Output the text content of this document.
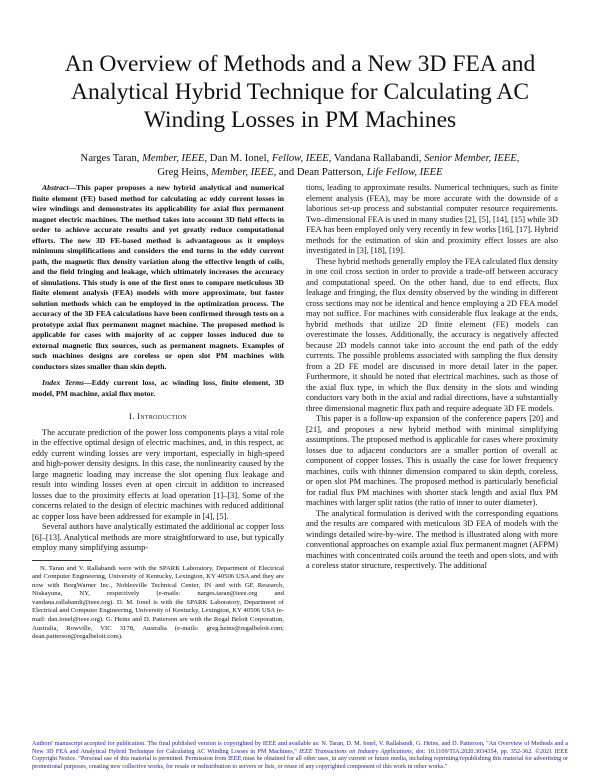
An Overview of Methods and a New 3D FEA and Analytical Hybrid Technique for Calculating AC Winding Losses in PM Machines
Narges Taran, Member, IEEE, Dan M. Ionel, Fellow, IEEE, Vandana Rallabandi, Senior Member, IEEE,
Greg Heins, Member, IEEE, and Dean Patterson, Life Fellow, IEEE

Abstract—This paper proposes a new hybrid analytical and numerical finite element (FE) based method for calculating ac eddy current losses in wire windings and demonstrates its applicability for axial flux permanent magnet electric machines. The method takes into account 3D field effects in order to achieve accurate results and yet greatly reduce computational efforts. The new 3D FE-based method is advantageous as it employs minimum simplifications and considers the end turns in the eddy current path, the magnetic flux density variation along the effective length of coils, and the field fringing and leakage, which ultimately increases the accuracy of simulations. This study is one of the first ones to compare meticulous 3D finite element analysis (FEA) models with more approximate, but faster solution methods which can be employed in the optimization process. The accuracy of the 3D FEA calculations have been confirmed through tests on a prototype axial flux permanent magnet machine. The proposed method is applicable for cases with majority of ac copper losses induced due to external magnetic flux sources, such as permanent magnets. Examples of such machines designs are coreless or open slot PM machines with conductors sizes smaller than skin depth.

Index Terms—Eddy current loss, ac winding loss, finite element, 3D model, PM machine, axial flux motor.

I. Introduction

The accurate prediction of the power loss components plays a vital role in the effective optimal design of electric machines, and, in this respect, ac eddy current winding losses are very important, especially in high-speed and high-power density designs. In this case, the nonlinearity caused by the large magnetic loading may increase the slot opening flux leakage and result into winding losses even at open circuit in addition to increased losses due to the proximity effects at load operation [1]–[3]. Some of the concerns related to the design of electric machines with reduced additional ac copper loss have been addressed for example in [4], [5].

Several authors have analytically estimated the additional ac copper loss [6]–[13]. Analytical methods are more straightforward to use, but typically employ many simplifying assump-

N. Taran and V. Rallabandi were with the SPARK Laboratory, Department of Electrical and Computer Engineering, University of Kentucky, Lexington, KY 40506 USA and they are now with BorgWarner Inc., Noblesville Technical Center, IN and with GE Research, Niskayuna, NY, respectively (e-mails: narges.taran@ieee.org and vandana.rallabandi@ieee.org). D. M. Ionel is with the SPARK Laboratory, Department of Electrical and Computer Engineering, University of Kentucky, Lexington, KY 40506 USA (e-mail: dan.ionel@ieee.org). G. Heins and D. Patterson are with the Regal Beloit Corporation, Australia, Rowville, VIC 3178, Australia (e-mails: greg.heins@regalbeloit.com; dean.patterson@regalbeloit.com).

tions, leading to approximate results. Numerical techniques, such as finite element analysis (FEA), may be more accurate with the downside of a laborious set-up process and substantial computer resource requirements. Two–dimensional FEA is used in many studies [2], [5], [14], [15] while 3D FEA has been employed only very recently in few works [16], [17]. Hybrid methods for the estimation of skin and proximity effect losses are also investigated in [3], [18], [19].

These hybrid methods generally employ the FEA calculated flux density in one coil cross section in order to provide a trade-off between accuracy and computational speed. On the other hand, due to end effects, flux leakage and fringing, the flux density observed by the winding in different cross sections may not be identical and hence employing a 2D FEA model may not suffice. For machines with considerable flux leakage at the ends, hybrid methods that utilize 2D finite element (FE) models can overestimate the losses. Additionally, the accuracy is negatively affected because 2D models cannot take into account the end path of the eddy currents. The possible problems associated with sampling the flux density from a 2D FE model are discussed in more detail later in the paper. Furthermore, it should be noted that electrical machines, such as those of the axial flux type, in which the flux density in the slots and winding conductors vary both in the axial and radial directions, have a substantially three dimensional magnetic flux path and require adequate 3D FE models.

This paper is a follow-up expansion of the conference papers [20] and [21], and proposes a new hybrid method with minimal simplifying assumptions. The proposed method is applicable for cases where proximity losses due to adjacent conductors are a smaller portion of overall ac component of copper losses. This is usually the case for lower frequency machines, coils with thinner dimension compared to skin depth, coreless, or open slot PM machines. The proposed method is particularly beneficial for radial flux PM machines with shorter stack length and axial flux PM machines with larger split ratios (the ratio of inner to outer diameter).

The analytical formulation is derived with the corresponding equations and the results are compared with meticulous 3D FEA of models with the windings detailed wire-by-wire. The method is illustrated along with more conventional approaches on example axial flux permanent magnet (AFPM) machines with concentrated coils around the teeth and open slots, and with a coreless stator structure, respectively. The additional

Authors' manuscript accepted for publication. The final published version is copyrighted by IEEE and available as: N. Taran, D. M. Ionel, V. Rallabandi, G. Heins, and D. Patterson, "An Overview of Methods and a New 3D FEA and Analytical Hybrid Technique for Calculating AC Winding Losses in PM Machines," IEEE Transactions on Industry Applications, doi: 10.1109/TIA.2020.3034354, pp. 352-362. ©2021 IEEE Copyright Notice. "Personal use of this material is permitted. Permission from IEEE must be obtained for all other uses, in any current or future media, including reprinting/republishing this material for advertising or promotional purposes, creating new collective works, for resale or redistribution to servers or lists, or reuse of any copyrighted component of this work in other works."
